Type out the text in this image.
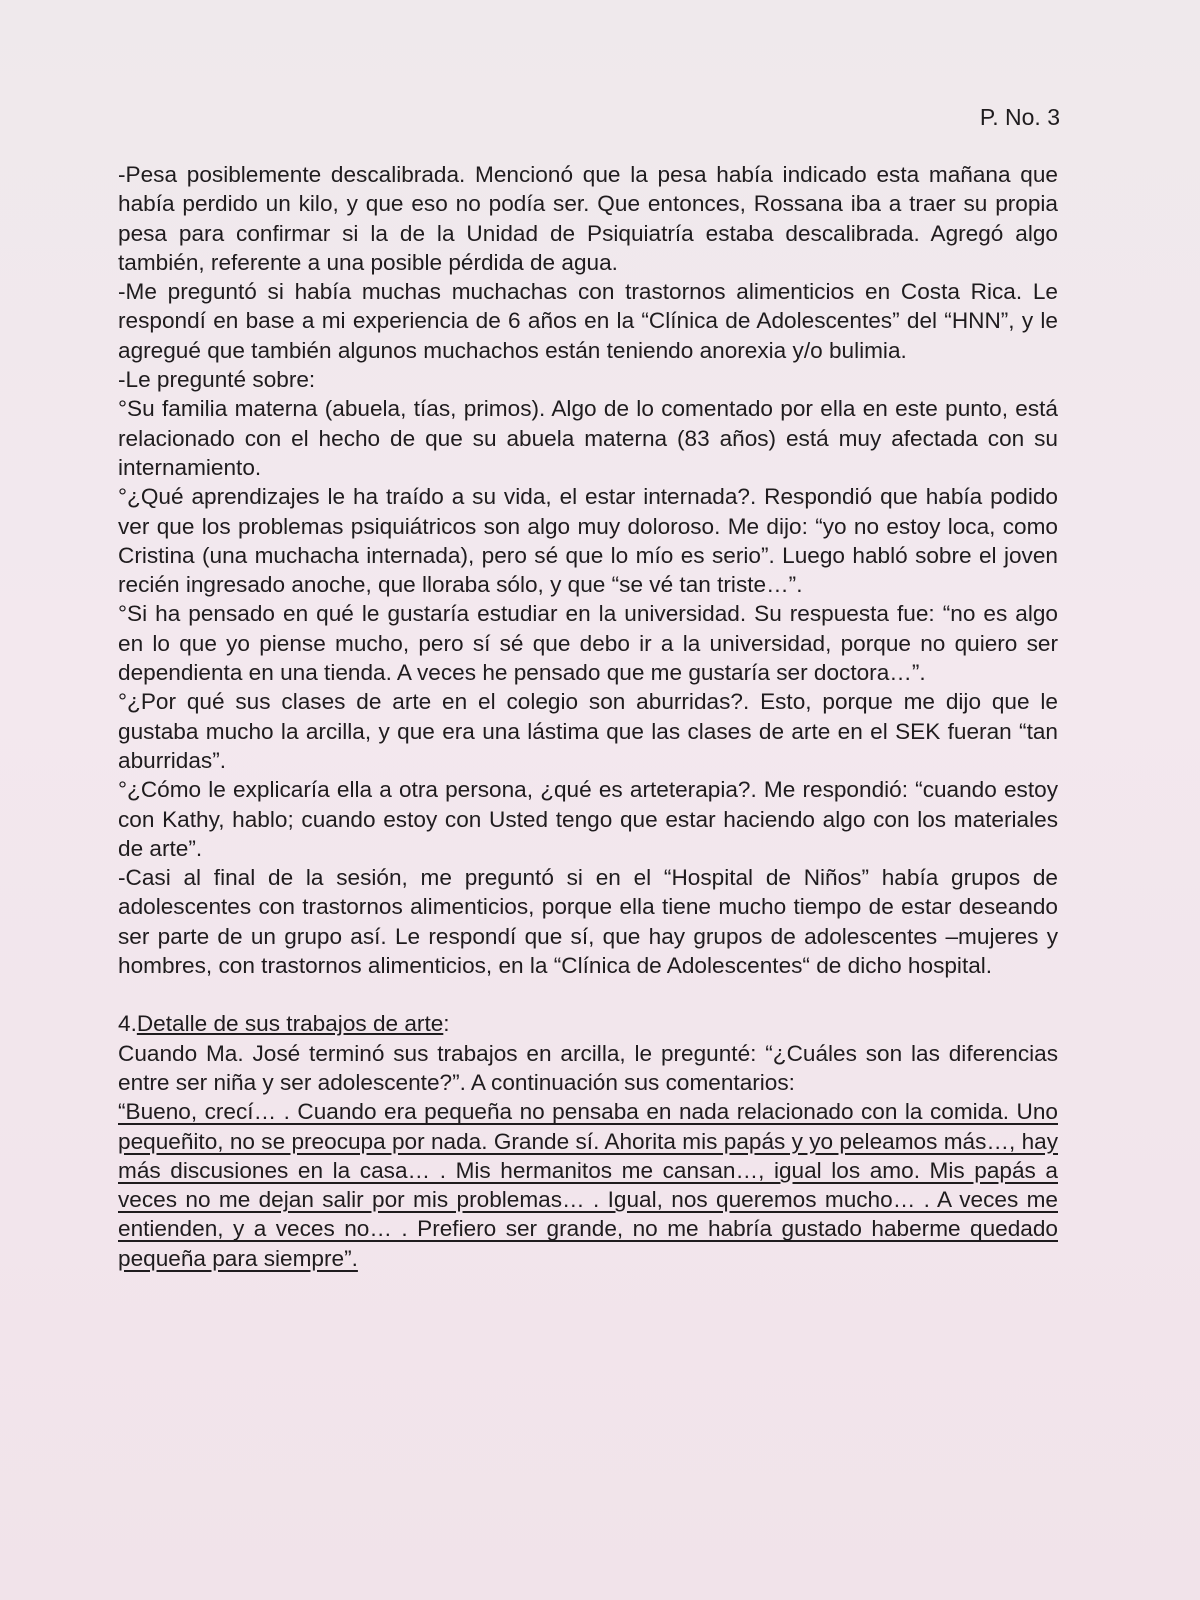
P. No. 3

-Pesa posiblemente descalibrada. Mencionó que la pesa había indicado esta mañana que había perdido un kilo, y que eso no podía ser. Que entonces, Rossana iba a traer su propia pesa para confirmar si la de la Unidad de Psiquiatría estaba descalibrada. Agregó algo también, referente a una posible pérdida de agua.

-Me preguntó si había muchas muchachas con trastornos alimenticios en Costa Rica. Le respondí en base a mi experiencia de 6 años en la “Clínica de Adolescentes” del “HNN”, y le agregué que también algunos muchachos están teniendo anorexia y/o bulimia.

-Le pregunté sobre:

°Su familia materna (abuela, tías, primos). Algo de lo comentado por ella en este punto, está relacionado con el hecho de que su abuela materna (83 años) está muy afectada con su internamiento.

°¿Qué aprendizajes le ha traído a su vida, el estar internada?. Respondió que había podido ver que los problemas psiquiátricos son algo muy doloroso. Me dijo: “yo no estoy loca, como Cristina (una muchacha internada), pero sé que lo mío es serio”. Luego habló sobre el joven recién ingresado anoche, que lloraba sólo, y que “se vé tan triste…”.

°Si ha pensado en qué le gustaría estudiar en la universidad. Su respuesta fue: “no es algo en lo que yo piense mucho, pero sí sé que debo ir a la universidad, porque no quiero ser dependienta en una tienda. A veces he pensado que me gustaría ser doctora…”.

°¿Por qué sus clases de arte en el colegio son aburridas?. Esto, porque me dijo que le gustaba mucho la arcilla, y que era una lástima que las clases de arte en el SEK fueran “tan aburridas”.

°¿Cómo le explicaría ella a otra persona, ¿qué es arteterapia?. Me respondió: “cuando estoy con Kathy, hablo; cuando estoy con Usted tengo que estar haciendo algo con los materiales de arte”.

-Casi al final de la sesión, me preguntó si en el “Hospital de Niños” había grupos de adolescentes con trastornos alimenticios, porque ella tiene mucho tiempo de estar deseando ser parte de un grupo así. Le respondí que sí, que hay grupos de adolescentes –mujeres y hombres, con trastornos alimenticios, en la “Clínica de Adolescentes“ de dicho hospital.

4.Detalle de sus trabajos de arte:

Cuando Ma. José terminó sus trabajos en arcilla, le pregunté: “¿Cuáles son las diferencias entre ser niña y ser adolescente?”. A continuación sus comentarios:

“Bueno, crecí… . Cuando era pequeña no pensaba en nada relacionado con la comida. Uno pequeñito, no se preocupa por nada. Grande sí. Ahorita mis papás y yo peleamos más…, hay más discusiones en la casa… . Mis hermanitos me cansan…, igual los amo. Mis papás a veces no me dejan salir por mis problemas… . Igual, nos queremos mucho… . A veces me entienden, y a veces no… . Prefiero ser grande, no me habría gustado haberme quedado pequeña para siempre”.
